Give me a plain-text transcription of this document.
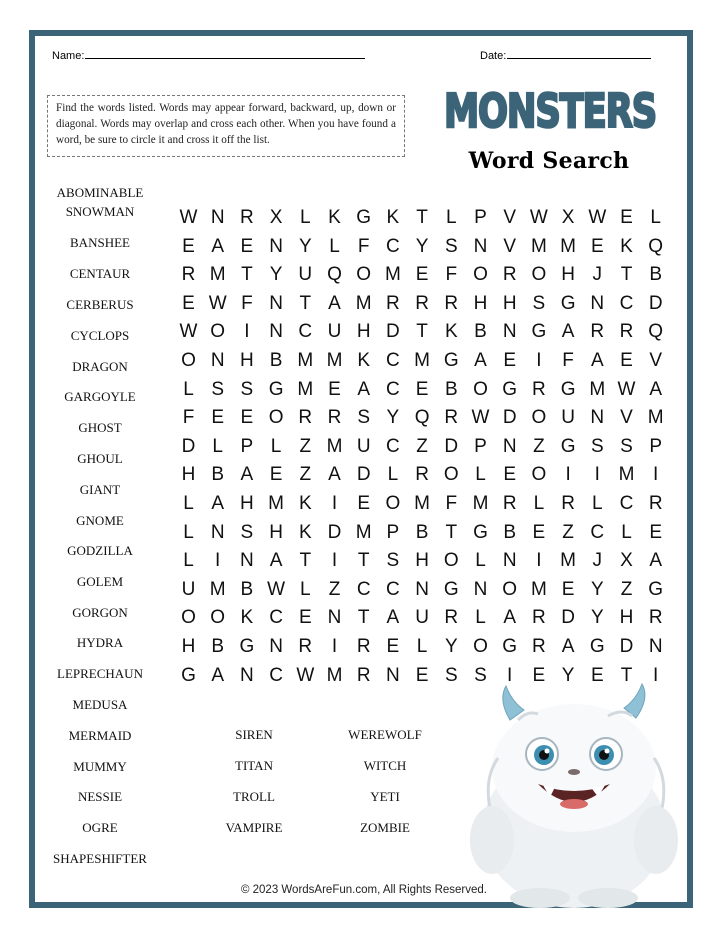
Name:	Date:
Find the words listed. Words may appear forward, backward, up, down or diagonal. Words may overlap and cross each other. When you have found a word, be sure to circle it and cross it off the list.
MONSTERS
Word Search
ABOMINABLE
SNOWMAN
BANSHEE
CENTAUR
CERBERUS
CYCLOPS
DRAGON
GARGOYLE
GHOST
GHOUL
GIANT
GNOME
GODZILLA
GOLEM
GORGON
HYDRA
LEPRECHAUN
MEDUSA
MERMAID
MUMMY
NESSIE
OGRE
SHAPESHIFTER
W N R X L K G K T L P V W X W E L
E A E N Y L F C Y S N V M M E K Q
R M T Y U Q O M E F O R O H J T B
E W F N T A M R R R H H S G N C D
W O	I	N C U H D T K B N G A R R Q
O N H B M M K C M G A E	I	F A E V
L S S G M E A C E B O G R G M W A
F E E O R R S Y Q R W D O U N V M
D L P L Z M U C Z D P N Z G S S P
H B A E Z A D L R O L E O	I	I M I
L A H M K	I	E O M F M R L R L C R
L N S H K D M P B T G B E Z C L E
L	I	N A T	I	T S H O L N	I M J X A
U M B W L Z C C N G N O M E Y Z G
O O K C E N T A U R L A R D Y H R
H B G N R	I	R E L Y O G R A G D N
G A N C W M R N E S S	I	E Y E T	I
SIREN
TITAN
TROLL
VAMPIRE
WEREWOLF
WITCH
YETI
ZOMBIE
© 2023 WordsAreFun.com, All Rights Reserved.
